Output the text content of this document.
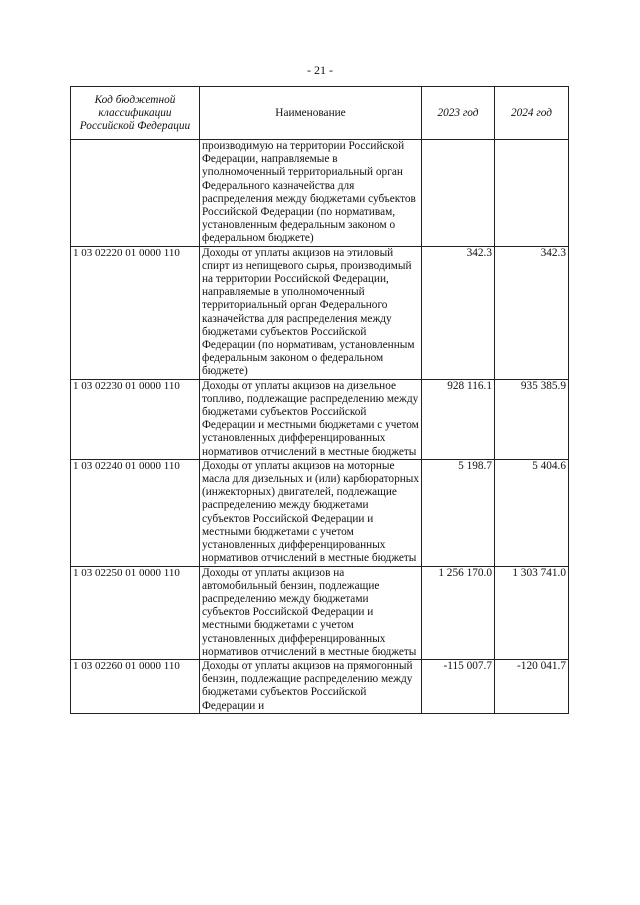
- 21 -
Код бюджетной классификации Российской Федерации	Наименование	2023 год	2024 год
	производимую на территории Российской Федерации, направляемые в уполномоченный территориальный орган Федерального казначейства для распределения между бюджетами субъектов Российской Федерации (по нормативам, установленным федеральным законом о федеральном бюджете)		
1 03 02220 01 0000 110	Доходы от уплаты акцизов на этиловый спирт из непищевого сырья, производимый на территории Российской Федерации, направляемые в уполномоченный территориальный орган Федерального казначейства для распределения между бюджетами субъектов Российской Федерации (по нормативам, установленным федеральным законом о федеральном бюджете)	342.3	342.3
1 03 02230 01 0000 110	Доходы от уплаты акцизов на дизельное топливо, подлежащие распределению между бюджетами субъектов Российской Федерации и местными бюджетами с учетом установленных дифференцированных нормативов отчислений в местные бюджеты	928 116.1	935 385.9
1 03 02240 01 0000 110	Доходы от уплаты акцизов на моторные масла для дизельных и (или) карбюраторных (инжекторных) двигателей, подлежащие распределению между бюджетами субъектов Российской Федерации и местными бюджетами с учетом установленных дифференцированных нормативов отчислений в местные бюджеты	5 198.7	5 404.6
1 03 02250 01 0000 110	Доходы от уплаты акцизов на автомобильный бензин, подлежащие распределению между бюджетами субъектов Российской Федерации и местными бюджетами с учетом установленных дифференцированных нормативов отчислений в местные бюджеты	1 256 170.0	1 303 741.0
1 03 02260 01 0000 110	Доходы от уплаты акцизов на прямогонный бензин, подлежащие распределению между бюджетами субъектов Российской Федерации и	-115 007.7	-120 041.7
